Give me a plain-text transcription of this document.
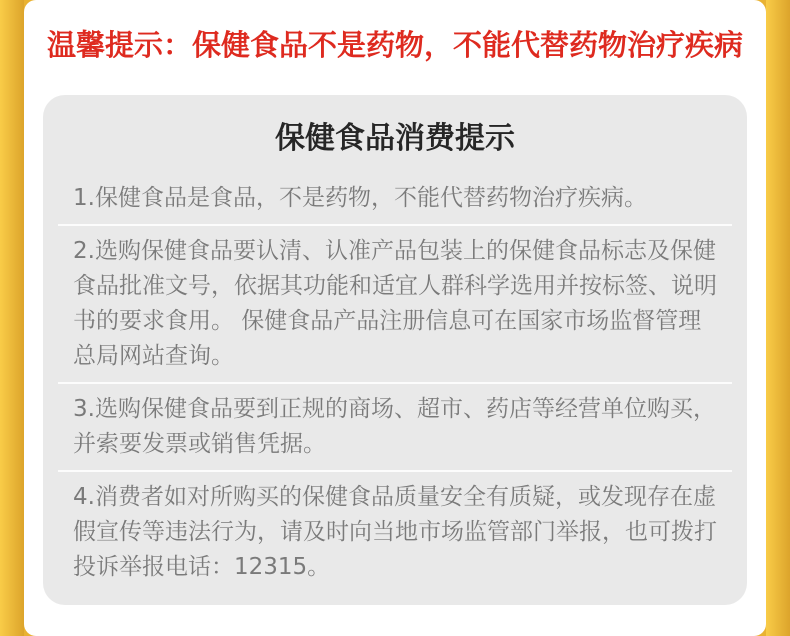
温馨提示：保健食品不是药物，不能代替药物治疗疾病
保健食品消费提示
1.保健食品是食品，不是药物，不能代替药物治疗疾病。
2.选购保健食品要认清、认准产品包装上的保健食品标志及保健食品批准文号，依据其功能和适宜人群科学选用并按标签、说明书的要求食用。 保健食品产品注册信息可在国家市场监督管理总局网站查询。
3.选购保健食品要到正规的商场、超市、药店等经营单位购买，并索要发票或销售凭据。
4.消费者如对所购买的保健食品质量安全有质疑，或发现存在虚假宣传等违法行为，请及时向当地市场监管部门举报，也可拨打投诉举报电话：12315。
